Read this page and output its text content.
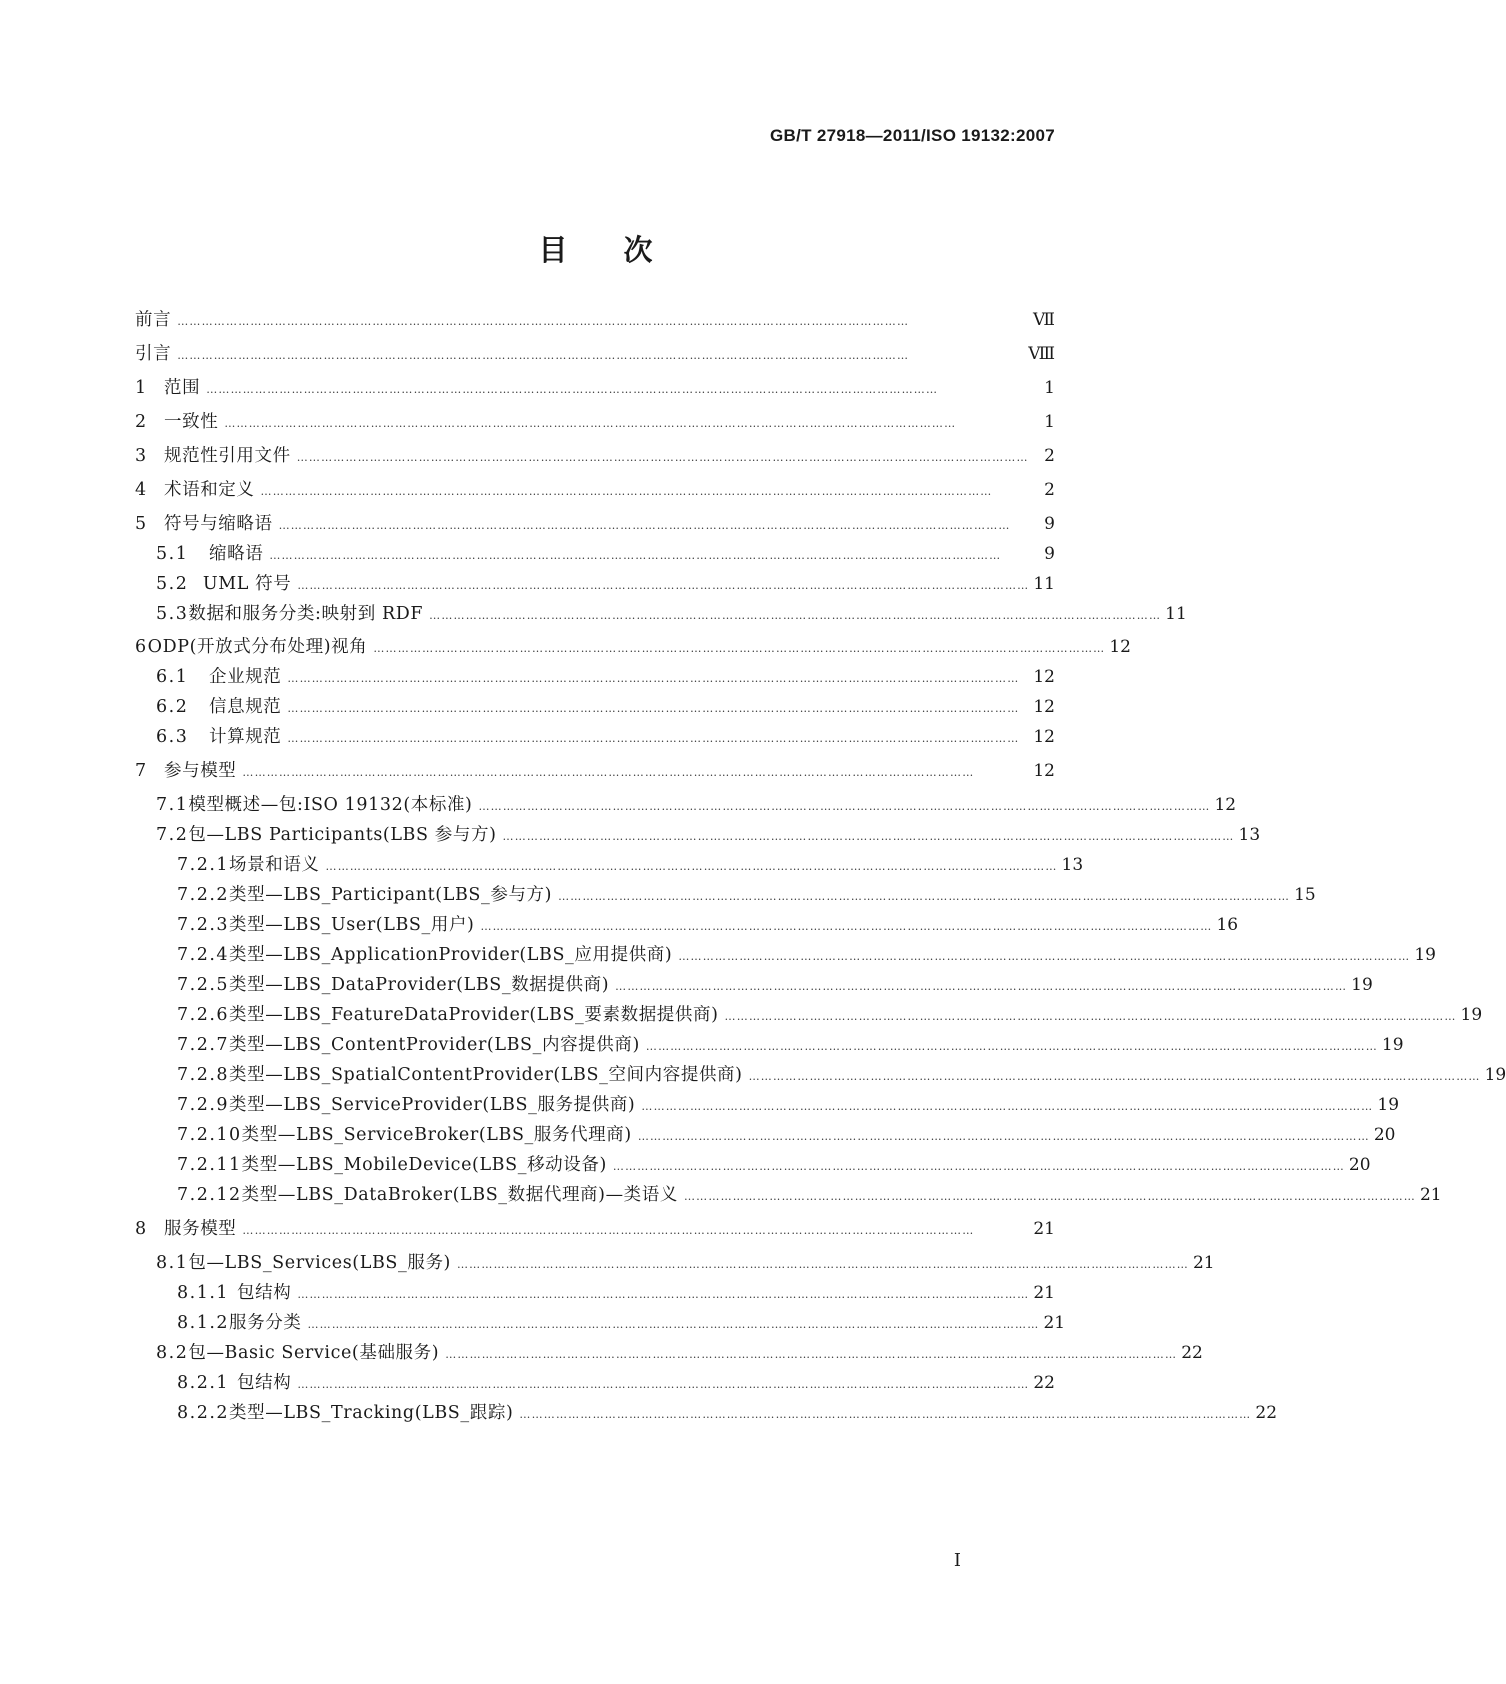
GB/T 27918—2011/ISO 19132:2007
目次
前言 ………………………………………………………………………………………………………………………………………………………………	Ⅶ
引言 ………………………………………………………………………………………………………………………………………………………………	Ⅷ
1 范围 ………………………………………………………………………………………………………………………………………………………………	1
2 一致性 ………………………………………………………………………………………………………………………………………………………………	1
3 规范性引用文件 ……………………………………………………………………………………………………………………………………………………………… 2
4 术语和定义 ………………………………………………………………………………………………………………………………………………………………	2
5 符号与缩略语 ………………………………………………………………………………………………………………………………………………………………	9
5.1	缩略语 ………………………………………………………………………………………………………………………………………………………………	9
5.2 UML 符号 ……………………………………………………………………………………………………………………………………………………………… 11
5.3 数据和服务分类:映射到 RDF ……………………………………………………………………………………………………………………………………………………………… 11
6 ODP(开放式分布处理)视角 ……………………………………………………………………………………………………………………………………………………………… 12
6.1	企业规范 ……………………………………………………………………………………………………………………………………………………………… 12
6.2	信息规范 ……………………………………………………………………………………………………………………………………………………………… 12
6.3	计算规范 ……………………………………………………………………………………………………………………………………………………………… 12
7 参与模型 ………………………………………………………………………………………………………………………………………………………………	12
7.1 模型概述—包:ISO 19132(本标准) ……………………………………………………………………………………………………………………………………………………………… 12
7.2 包—LBS Participants(LBS 参与方) ……………………………………………………………………………………………………………………………………………………………… 13
7.2.1 场景和语义 ……………………………………………………………………………………………………………………………………………………………… 13
7.2.2 类型—LBS_Participant(LBS_参与方) ……………………………………………………………………………………………………………………………………………………………… 15
7.2.3 类型—LBS_User(LBS_用户) ……………………………………………………………………………………………………………………………………………………………… 16
7.2.4 类型—LBS_ApplicationProvider(LBS_应用提供商) ……………………………………………………………………………………………………………………………………………………………… 19
7.2.5 类型—LBS_DataProvider(LBS_数据提供商) ……………………………………………………………………………………………………………………………………………………………… 19
7.2.6 类型—LBS_FeatureDataProvider(LBS_要素数据提供商) ……………………………………………………………………………………………………………………………………………………………… 19
7.2.7 类型—LBS_ContentProvider(LBS_内容提供商) ……………………………………………………………………………………………………………………………………………………………… 19
7.2.8 类型—LBS_SpatialContentProvider(LBS_空间内容提供商) ……………………………………………………………………………………………………………………………………………………………… 19
7.2.9 类型—LBS_ServiceProvider(LBS_服务提供商) ……………………………………………………………………………………………………………………………………………………………… 19
7.2.10 类型—LBS_ServiceBroker(LBS_服务代理商) ……………………………………………………………………………………………………………………………………………………………… 20
7.2.11 类型—LBS_MobileDevice(LBS_移动设备) ……………………………………………………………………………………………………………………………………………………………… 20
7.2.12 类型—LBS_DataBroker(LBS_数据代理商)—类语义 ……………………………………………………………………………………………………………………………………………………………… 21
8 服务模型 ………………………………………………………………………………………………………………………………………………………………	21
8.1 包—LBS_Services(LBS_服务) ……………………………………………………………………………………………………………………………………………………………… 21
8.1.1 包结构 ……………………………………………………………………………………………………………………………………………………………… 21
8.1.2 服务分类 ……………………………………………………………………………………………………………………………………………………………… 21
8.2 包—Basic Service(基础服务) ……………………………………………………………………………………………………………………………………………………………… 22
8.2.1 包结构 ……………………………………………………………………………………………………………………………………………………………… 22
8.2.2 类型—LBS_Tracking(LBS_跟踪) ……………………………………………………………………………………………………………………………………………………………… 22
I
